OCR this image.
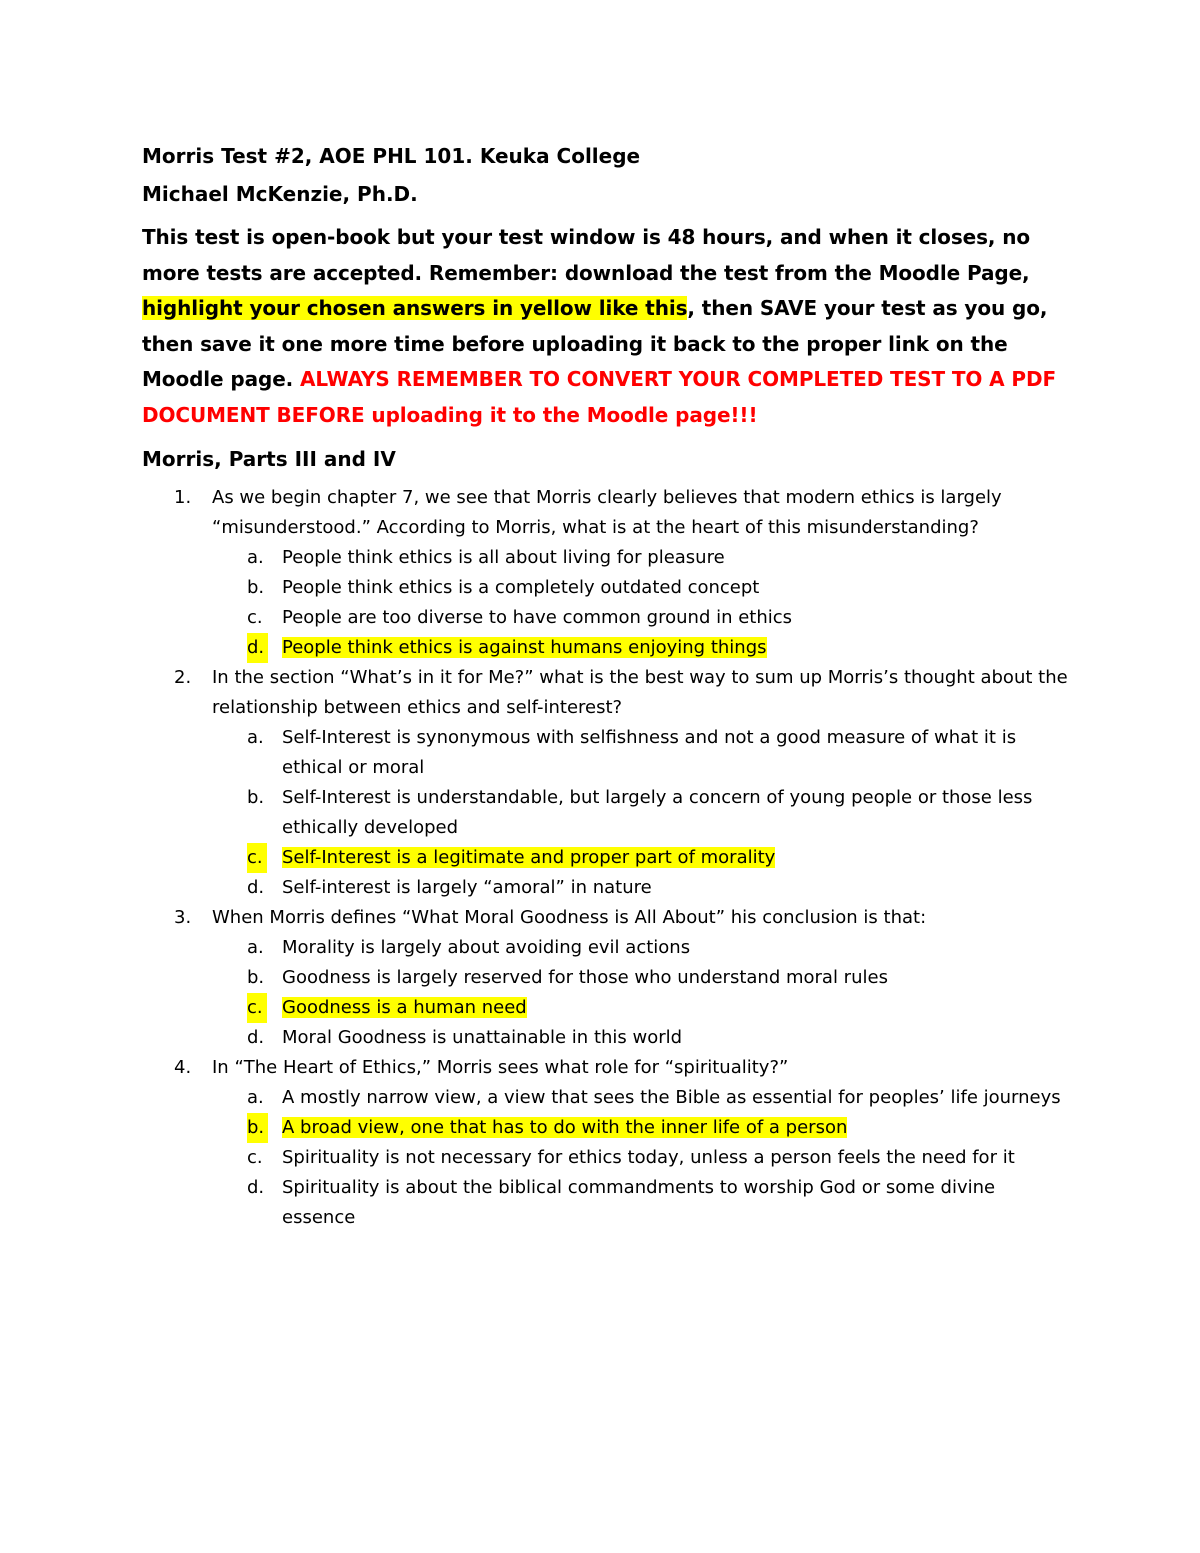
Morris Test #2, AOE PHL 101. Keuka College

Michael McKenzie, Ph.D.

This test is open-book but your test window is 48 hours, and when it closes, no more tests are accepted. Remember: download the test from the Moodle Page, highlight your chosen answers in yellow like this, then SAVE your test as you go, then save it one more time before uploading it back to the proper link on the Moodle page. ALWAYS REMEMBER TO CONVERT YOUR COMPLETED TEST TO A PDF DOCUMENT BEFORE uploading it to the Moodle page!!!

Morris, Parts III and IV

1. As we begin chapter 7, we see that Morris clearly believes that modern ethics is largely “misunderstood.” According to Morris, what is at the heart of this misunderstanding?
a. People think ethics is all about living for pleasure
b. People think ethics is a completely outdated concept
c. People are too diverse to have common ground in ethics
d. People think ethics is against humans enjoying things
2. In the section “What’s in it for Me?” what is the best way to sum up Morris’s thought about the relationship between ethics and self-interest?
a. Self-Interest is synonymous with selfishness and not a good measure of what it is ethical or moral
b. Self-Interest is understandable, but largely a concern of young people or those less ethically developed
c. Self-Interest is a legitimate and proper part of morality
d. Self-interest is largely “amoral” in nature
3. When Morris defines “What Moral Goodness is All About” his conclusion is that:
a. Morality is largely about avoiding evil actions
b. Goodness is largely reserved for those who understand moral rules
c. Goodness is a human need
d. Moral Goodness is unattainable in this world
4. In “The Heart of Ethics,” Morris sees what role for “spirituality?”
a. A mostly narrow view, a view that sees the Bible as essential for peoples’ life journeys
b. A broad view, one that has to do with the inner life of a person
c. Spirituality is not necessary for ethics today, unless a person feels the need for it
d. Spirituality is about the biblical commandments to worship God or some divine essence
